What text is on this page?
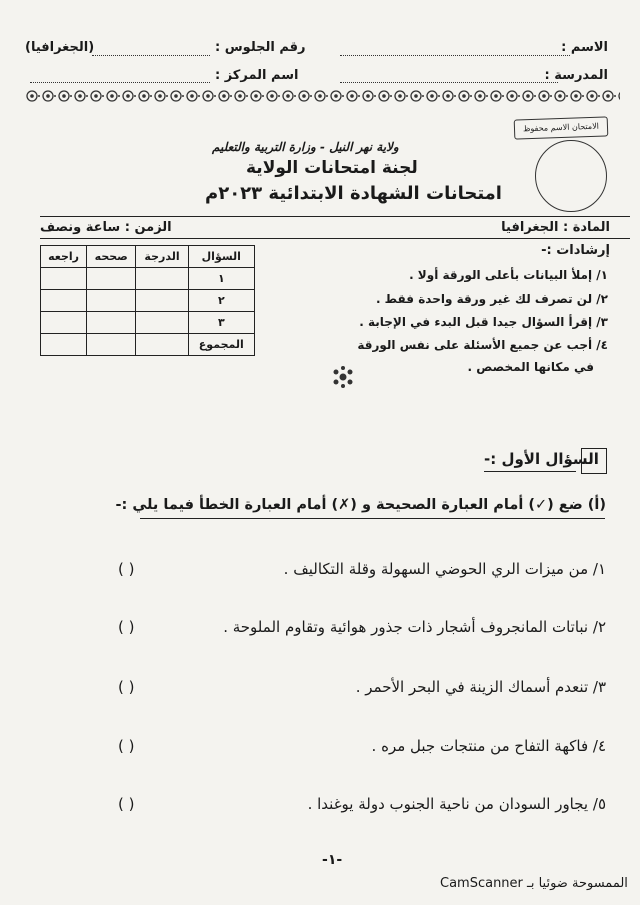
الاسم :
رقم الجلوس :
(الجغرافيا)
المدرسة :
اسم المركز :
الامتحان الاسم محفوظ
ولاية نهر النيل - وزارة التربية والتعليم
لجنة امتحانات الولاية
امتحانات الشهادة الابتدائية ٢٠٢٣م
المادة : الجغرافيا
الزمن : ساعة ونصف
السؤال	الدرجة	صححه	راجعه
١			
٢			
٣			
المجموع			
إرشادات :-
١/ إملأ البيانات بأعلى الورقة أولا .
٢/ لن تصرف لك غير ورقة واحدة فقط .
٣/ إقرأ السؤال جيدا قبل البدء في الإجابة .
٤/ أجب عن جميع الأسئلة على نفس الورقة
في مكانها المخصص .
السؤال الأول :-
(أ) ضع (✓) أمام العبارة الصحيحة و (✗) أمام العبارة الخطأ فيما يلي :-
١/ من ميزات الري الحوضي السهولة وقلة التكاليف .
( )
٢/ نباتات المانجروف أشجار ذات جذور هوائية وتقاوم الملوحة .
( )
٣/ تنعدم أسماك الزينة في البحر الأحمر .
( )
٤/ فاكهة التفاح من منتجات جبل مره .
( )
٥/ يجاور السودان من ناحية الجنوب دولة يوغندا .
( )
-١-
CamScanner الممسوحة ضوئيا بـ
